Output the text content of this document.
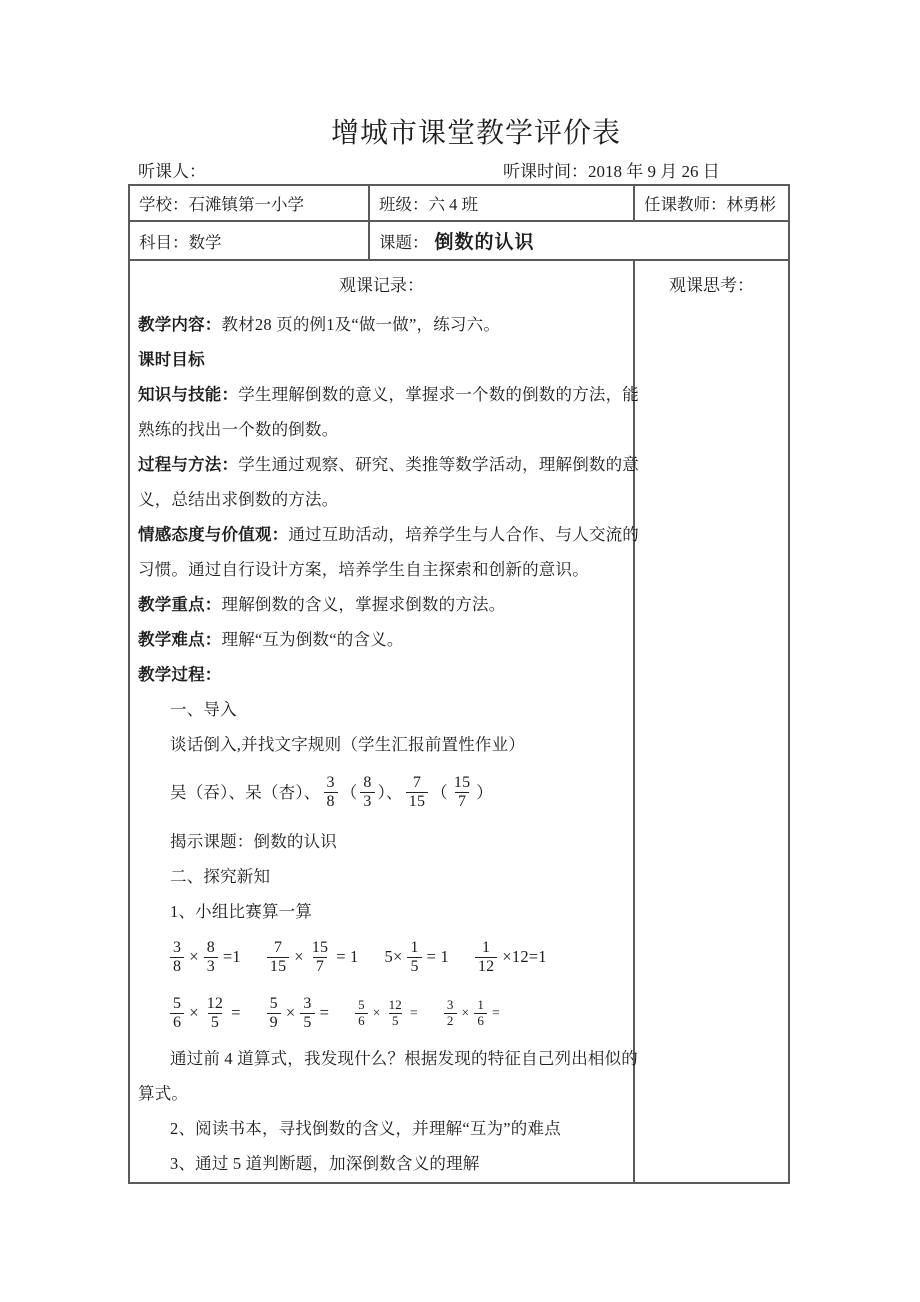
增城市课堂教学评价表
听课人：	听课时间：2018 年 9 月 26 日
学校： 石滩镇第一小学	班级： 六 4 班	任课教师： 林勇彬
科目： 数学	课题： 倒数的认识
观课记录：
教学内容：教材28 页的例1及“做一做”，练习六。
课时目标
知识与技能：学生理解倒数的意义，掌握求一个数的倒数的方法，能
熟练的找出一个数的倒数。
过程与方法：学生通过观察、研究、类推等数学活动，理解倒数的意
义，总结出求倒数的方法。
情感态度与价值观：通过互助活动，培养学生与人合作、与人交流的
习惯。通过自行设计方案，培养学生自主探索和创新的意识。
教学重点：理解倒数的含义，掌握求倒数的方法。
教学难点：理解“互为倒数“的含义。
教学过程：
一、导入
谈话倒入,并找文字规则（学生汇报前置性作业）
吴（吞）、呆（杏）、 $\frac{3}{8}$ （ $\frac{8}{3}$ ）、 $\frac{7}{15}$ （ $\frac{15}{7}$ ）
揭示课题：倒数的认识
二、探究新知
1、小组比赛算一算
$\frac{3}{8} \times \frac{8}{3} =1 \frac{7}{15} \times \frac{15}{7} = 1$ $5\times \frac{1}{5} = 1 \frac{1}{12} \times 12=1$
$\frac{5}{6} \times \frac{12}{5} = \frac{5}{9} \times \frac{3}{5} = \frac{5}{6} \times \frac{12}{5} = \frac{3}{2} \times \frac{1}{6}$ =
通过前 4 道算式，我发现什么？根据发现的特征自己列出相似的
算式。
2、阅读书本，寻找倒数的含义，并理解“互为”的难点
3、通过 5 道判断题，加深倒数含义的理解
观课思考：
